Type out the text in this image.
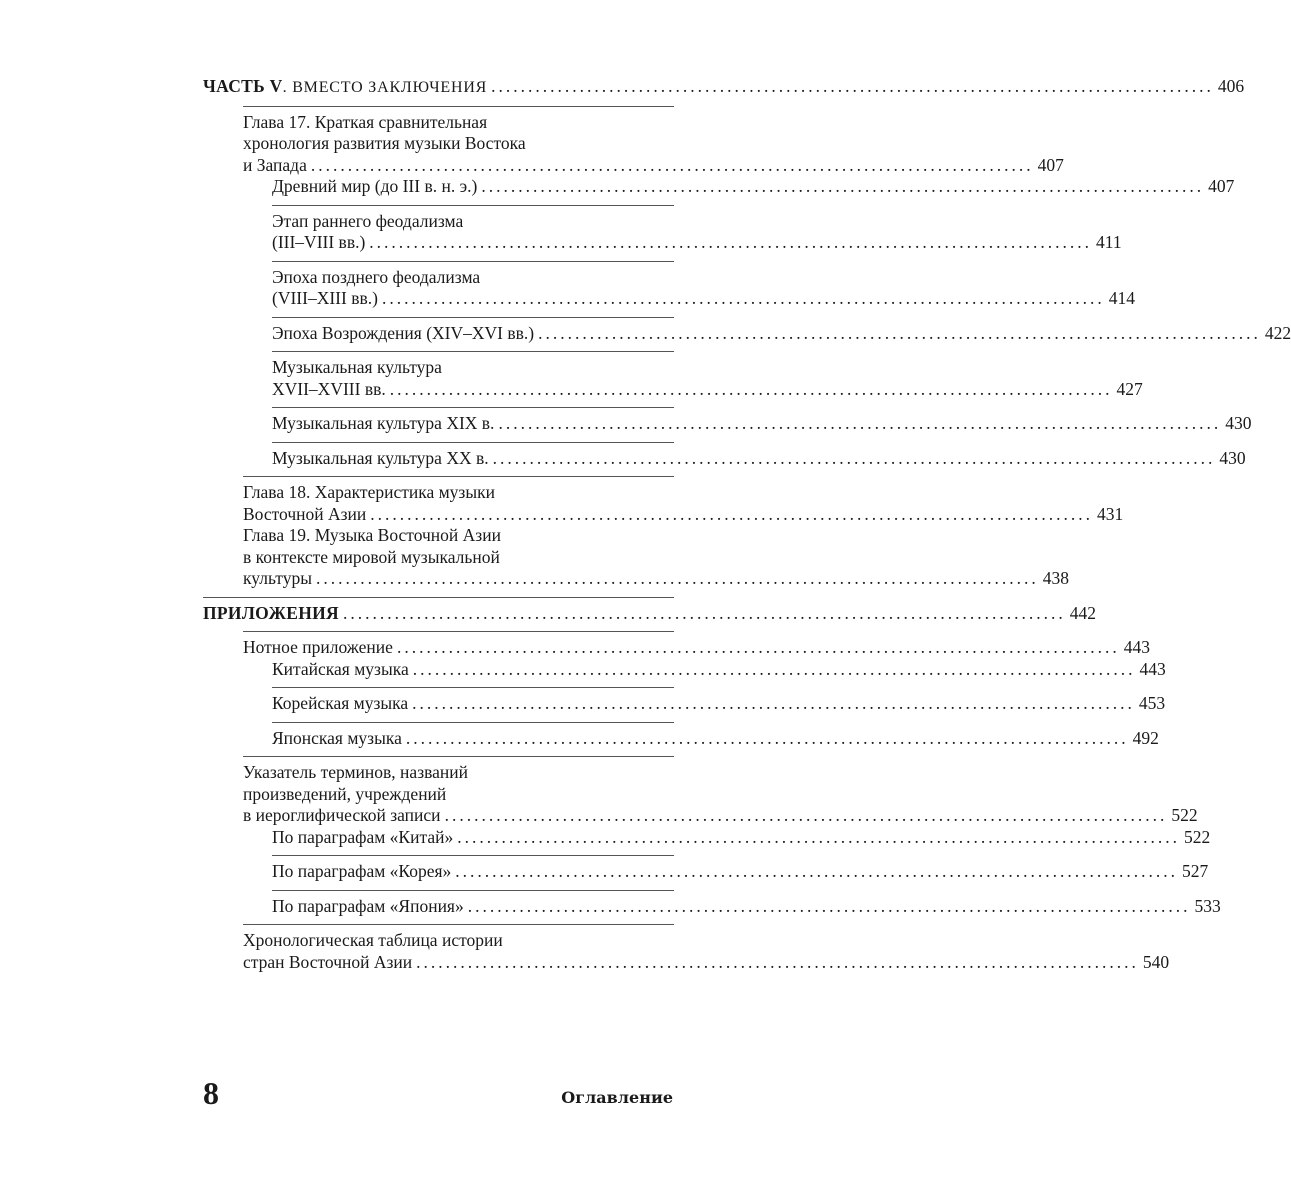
ЧАСТЬ V. ВМЕСТО ЗАКЛЮЧЕНИЯ .................................................................................................. 406
Глава 17. Краткая сравнительная
хронология развития музыки Востока
и Запада .................................................................................................. 407
Древний мир (до III в. н. э.) .................................................................................................. 407
Этап раннего феодализма
(III–VIII вв.) .................................................................................................. 411
Эпоха позднего феодализма
(VIII–XIII вв.) .................................................................................................. 414
Эпоха Возрождения (XIV–XVI вв.) .................................................................................................. 422
Музыкальная культура
XVII–XVIII вв. .................................................................................................. 427
Музыкальная культура XIX в. .................................................................................................. 430
Музыкальная культура XX в. .................................................................................................. 430
Глава 18. Характеристика музыки
Восточной Азии .................................................................................................. 431
Глава 19. Музыка Восточной Азии
в контексте мировой музыкальной
культуры .................................................................................................. 438
ПРИЛОЖЕНИЯ .................................................................................................. 442
Нотное приложение .................................................................................................. 443
Китайская музыка .................................................................................................. 443
Корейская музыка .................................................................................................. 453
Японская музыка .................................................................................................. 492
Указатель терминов, названий
произведений, учреждений
в иероглифической записи .................................................................................................. 522
По параграфам «Китай» .................................................................................................. 522
По параграфам «Корея» .................................................................................................. 527
По параграфам «Япония» .................................................................................................. 533
Хронологическая таблица истории
стран Восточной Азии .................................................................................................. 540
8	Оглавление
